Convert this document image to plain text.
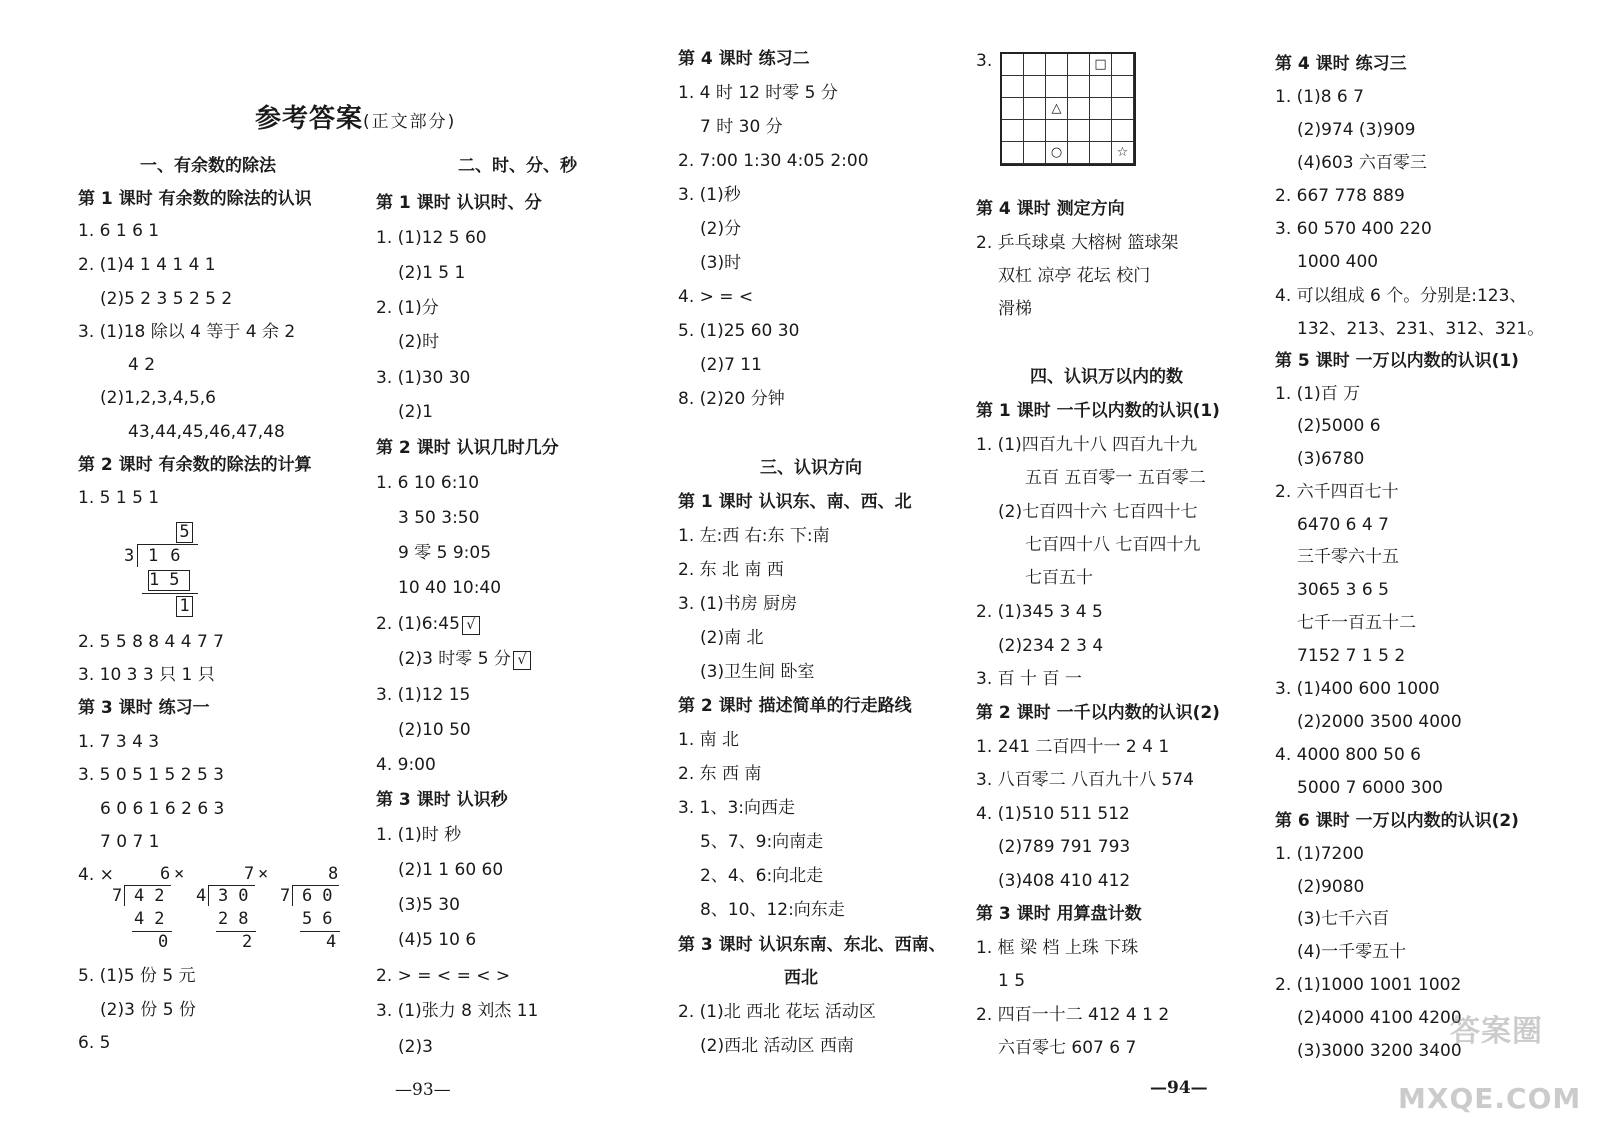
参考答案(正文部分)
一、有余数的除法
第 1 课时 有余数的除法的认识
1. 6 1 6 1
2. (1)4 1 4 1 4 1
(2)5 2 3 5 2 5 2
3. (1)18 除以 4 等于 4 余 2
4 2
(2)1,2,3,4,5,6
43,44,45,46,47,48
第 2 课时 有余数的除法的计算
1. 5 1 5 1
5
3 16
15
1
2. 5 5 8 8 4 4 7 7
3. 10 3 3 只 1 只
第 3 课时 练习一
1. 7 3 4 3
3. 5 0 5 1 5 2 5 3
6 0 6 1 6 2 6 3
7 0 7 1
4. ×	6 ×
7 42
42
0
7 ×
4 30
28
2
8
7 60
56
4
5. (1)5 份 5 元
(2)3 份 5 份
6. 5
二、时、分、秒
第 1 课时 认识时、分
1. (1)12 5 60
(2)1 5 1
2. (1)分
(2)时
3. (1)30 30
(2)1
第 2 课时 认识几时几分
1. 6 10 6:10
3 50 3:50
9 零 5 9:05
10 40 10:40
2. (1)6:45 √
(2)3 时零 5 分 √
3. (1)12 15
(2)10 50
4. 9:00
第 3 课时 认识秒
1. (1)时 秒
(2)1 1 60 60
(3)5 30
(4)5 10 6
2. > = < = < >
3. (1)张力 8 刘杰 11
(2)3
—93—
第 4 课时 练习二
1. 4 时 12 时零 5 分
7 时 30 分
2. 7:00 1:30 4:05 2:00
3. (1)秒
(2)分
(3)时
4. > = <
5. (1)25 60 30
(2)7 11
8. (2)20 分钟
三、认识方向
第 1 课时 认识东、南、西、北
1. 左:西 右:东 下:南
2. 东 北 南 西
3. (1)书房 厨房
(2)南 北
(3)卫生间 卧室
第 2 课时 描述简单的行走路线
1. 南 北
2. 东 西 南
3. 1、3:向西走
5、7、9:向南走
2、4、6:向北走
8、10、12:向东走
第 3 课时 认识东南、东北、西南、
西北
2. (1)北 西北 花坛 活动区
(2)西北 活动区 西南
3.	□
△
○	☆
第 4 课时 测定方向
2. 乒乓球桌 大榕树 篮球架
双杠 凉亭 花坛 校门
滑梯
四、认识万以内的数
第 1 课时 一千以内数的认识(1)
1. (1)四百九十八 四百九十九
五百 五百零一 五百零二
(2)七百四十六 七百四十七
七百四十八 七百四十九
七百五十
2. (1)345 3 4 5
(2)234 2 3 4
3. 百 十 百 一
第 2 课时 一千以内数的认识(2)
1. 241 二百四十一 2 4 1
3. 八百零二 八百九十八 574
4. (1)510 511 512
(2)789 791 793
(3)408 410 412
第 3 课时 用算盘计数
1. 框 梁 档 上珠 下珠
1 5
2. 四百一十二 412 4 1 2
六百零七 607 6 7
—94—
第 4 课时 练习三
1. (1)8 6 7
(2)974 (3)909
(4)603 六百零三
2. 667 778 889
3. 60 570 400 220
1000 400
4. 可以组成 6 个。分别是:123、
132、213、231、312、321。
第 5 课时 一万以内数的认识(1)
1. (1)百 万
(2)5000 6
(3)6780
2. 六千四百七十
6470 6 4 7
三千零六十五
3065 3 6 5
七千一百五十二
7152 7 1 5 2
3. (1)400 600 1000
(2)2000 3500 4000
4. 4000 800 50 6
5000 7 6000 300
第 6 课时 一万以内数的认识(2)
1. (1)7200
(2)9080
(3)七千六百
(4)一千零五十
2. (1)1000 1001 1002
(2)4000 4100 4200
(3)3000 3200 3400
答案圈
MXQE.COM
